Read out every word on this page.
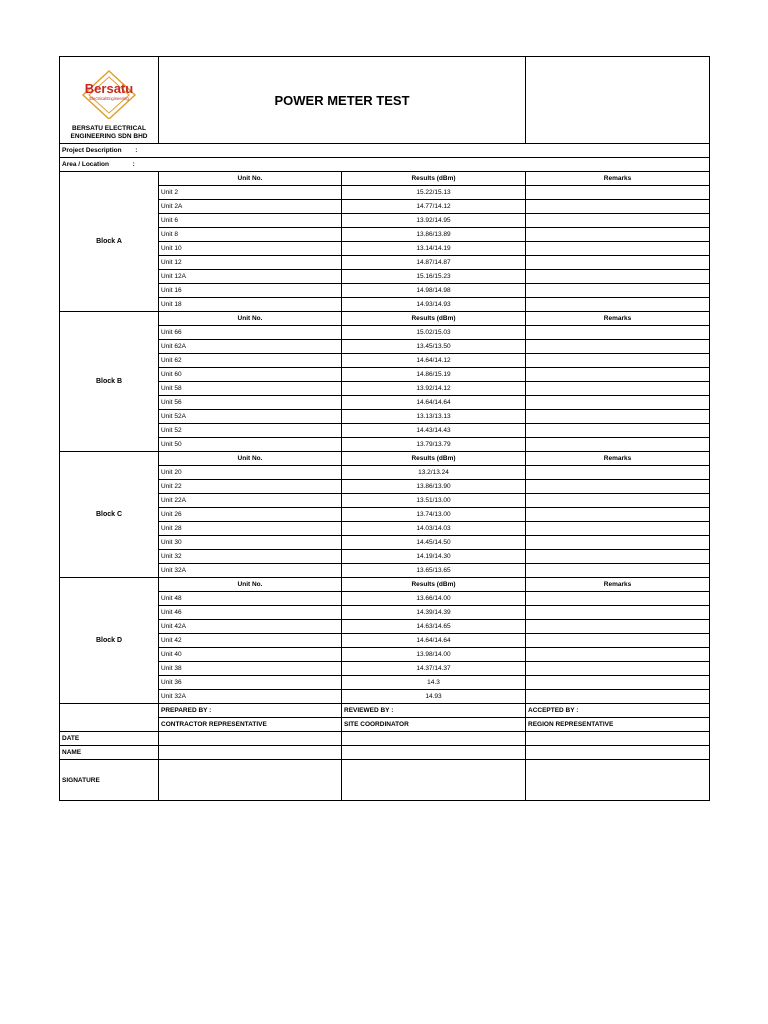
Bersatu
ElectricalEngineering
BERSATU ELECTRICAL
ENGINEERING SDN BHD	POWER METER TEST		
Project Description :			
Area / Location :			
Block A	Unit No.	Results (dBm)	Remarks
	Unit 2	15.22/15.13	
	Unit 2A	14.77/14.12	
	Unit 6	13.92/14.95	
	Unit 8	13.86/13.89	
	Unit 10	13.14/14.19	
	Unit 12	14.87/14.87	
	Unit 12A	15.16/15.23	
	Unit 16	14.98/14.98	
	Unit 18	14.93/14.93	
Block B	Unit No.	Results (dBm)	Remarks
	Unit 66	15.02/15.03	
	Unit 62A	13.45/13.50	
	Unit 62	14.64/14.12	
	Unit 60	14.86/15.19	
	Unit 58	13.92/14.12	
	Unit 56	14.64/14.64	
	Unit 52A	13.13/13.13	
	Unit 52	14.43/14.43	
	Unit 50	13.79/13.79	
Block C	Unit No.	Results (dBm)	Remarks
	Unit 20	13.2/13.24	
	Unit 22	13.86/13.90	
	Unit 22A	13.51/13.00	
	Unit 26	13.74/13.00	
	Unit 28	14.03/14.03	
	Unit 30	14.45/14.50	
	Unit 32	14.19/14.30	
	Unit 32A	13.65/13.65	
Block D	Unit No.	Results (dBm)	Remarks
	Unit 48	13.66/14.00	
	Unit 46	14.39/14.39	
	Unit 42A	14.63/14.65	
	Unit 42	14.64/14.64	
	Unit 40	13.98/14.00	
	Unit 38	14.37/14.37	
	Unit 36	14.3	
	Unit 32A	14.93	
	PREPARED BY :	REVIEWED BY :	ACCEPTED BY :
	CONTRACTOR REPRESENTATIVE	SITE COORDINATOR	REGION REPRESENTATIVE
DATE			
NAME			
SIGNATURE			
